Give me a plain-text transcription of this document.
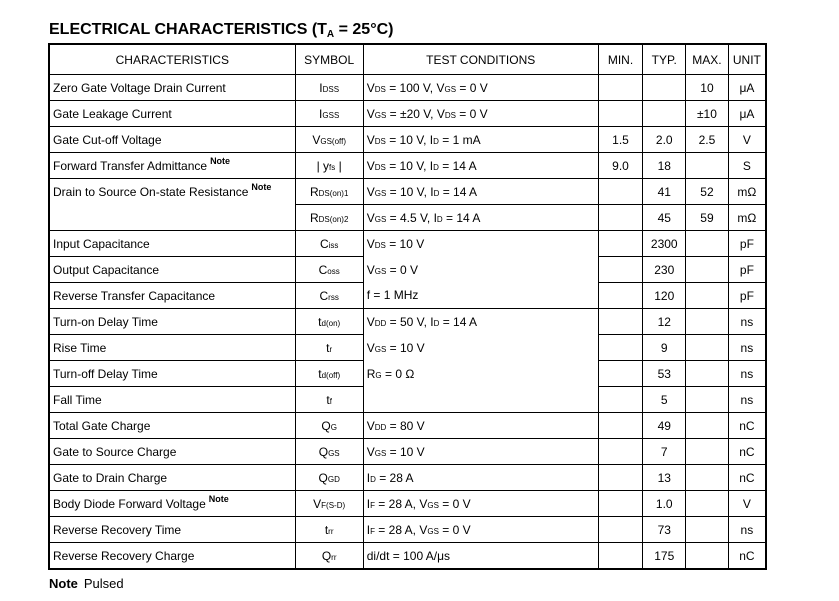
ELECTRICAL CHARACTERISTICS $(T_A = 25^\circ C)$
CHARACTERISTICS	SYMBOL	TEST CONDITIONS	MIN.	TYP.	MAX.	UNIT
Zero Gate Voltage Drain Current	IDSS	VDS = 100 V, VGS = 0 V			10	μA
Gate Leakage Current	IGSS	VGS = ±20 V, VDS = 0 V			±10	μA
Gate Cut-off Voltage	VGS(off)	VDS = 10 V, ID = 1 mA	1.5	2.0	2.5	V
Forward Transfer Admittance $^{Note}$	| yfs |	VDS = 10 V, ID = 14 A	9.0	18		S
Drain to Source On-state Resistance $^{Note}$	RDS(on)1	VGS = 10 V, ID = 14 A		41	52	mΩ
	RDS(on)2	VGS = 4.5 V, ID = 14 A		45	59	mΩ
Input Capacitance	Ciss	VDS = 10 V		2300		pF
Output Capacitance	Coss	VGS = 0 V		230		pF
Reverse Transfer Capacitance	Crss	f = 1 MHz		120		pF
Turn-on Delay Time	td(on)	VDD = 50 V, ID = 14 A		12		ns
Rise Time	tr	VGS = 10 V		9		ns
Turn-off Delay Time	td(off)	RG = 0 Ω		53		ns
Fall Time	tf			5		ns
Total Gate Charge	QG	VDD = 80 V		49		nC
Gate to Source Charge	QGS	VGS = 10 V		7		nC
Gate to Drain Charge	QGD	ID = 28 A		13		nC
Body Diode Forward Voltage $^{Note}$	VF(S-D)	IF = 28 A, VGS = 0 V		1.0		V
Reverse Recovery Time	trr	IF = 28 A, VGS = 0 V		73		ns
Reverse Recovery Charge	Qrr	di/dt = 100 A/μs		175		nC
Note Pulsed
